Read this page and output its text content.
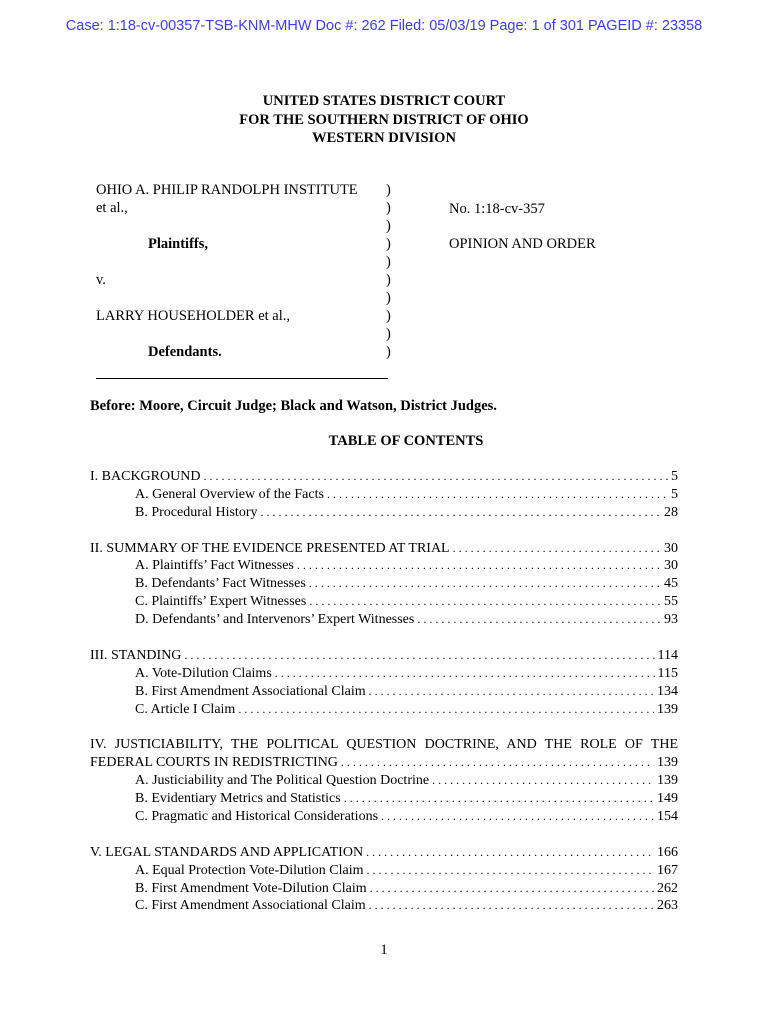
Case: 1:18-cv-00357-TSB-KNM-MHW Doc #: 262 Filed: 05/03/19 Page: 1 of 301 PAGEID #: 23358
UNITED STATES DISTRICT COURT
FOR THE SOUTHERN DISTRICT OF OHIO
WESTERN DIVISION
OHIO A. PHILIP RANDOLPH INSTITUTE
et al.,
Plaintiffs,
v.
LARRY HOUSEHOLDER et al.,
Defendants.
)
)
)
)
)
)
)
)
)
)
No. 1:18-cv-357
OPINION AND ORDER
Before: Moore, Circuit Judge; Black and Watson, District Judges.
TABLE OF CONTENTS
I. BACKGROUND . . .	5
A. General Overview of the Facts . . .	5
B. Procedural History . . .	28
II. SUMMARY OF THE EVIDENCE PRESENTED AT TRIAL . . .	30
A. Plaintiffs’ Fact Witnesses . . .	30
B. Defendants’ Fact Witnesses . . .	45
C. Plaintiffs’ Expert Witnesses . . .	55
D. Defendants’ and Intervenors’ Expert Witnesses . . .	93
III. STANDING . . .	114
A. Vote-Dilution Claims . . .	115
B. First Amendment Associational Claim . . .	134
C. Article I Claim . . .	139
IV. JUSTICIABILITY, THE POLITICAL QUESTION DOCTRINE, AND THE ROLE OF THE
FEDERAL COURTS IN REDISTRICTING . . .	139
A. Justiciability and The Political Question Doctrine . . .	139
B. Evidentiary Metrics and Statistics . . .	149
C. Pragmatic and Historical Considerations . . .	154
V. LEGAL STANDARDS AND APPLICATION . . .	166
A. Equal Protection Vote-Dilution Claim . . .	167
B. First Amendment Vote-Dilution Claim . . .	262
C. First Amendment Associational Claim . . .	263
1
